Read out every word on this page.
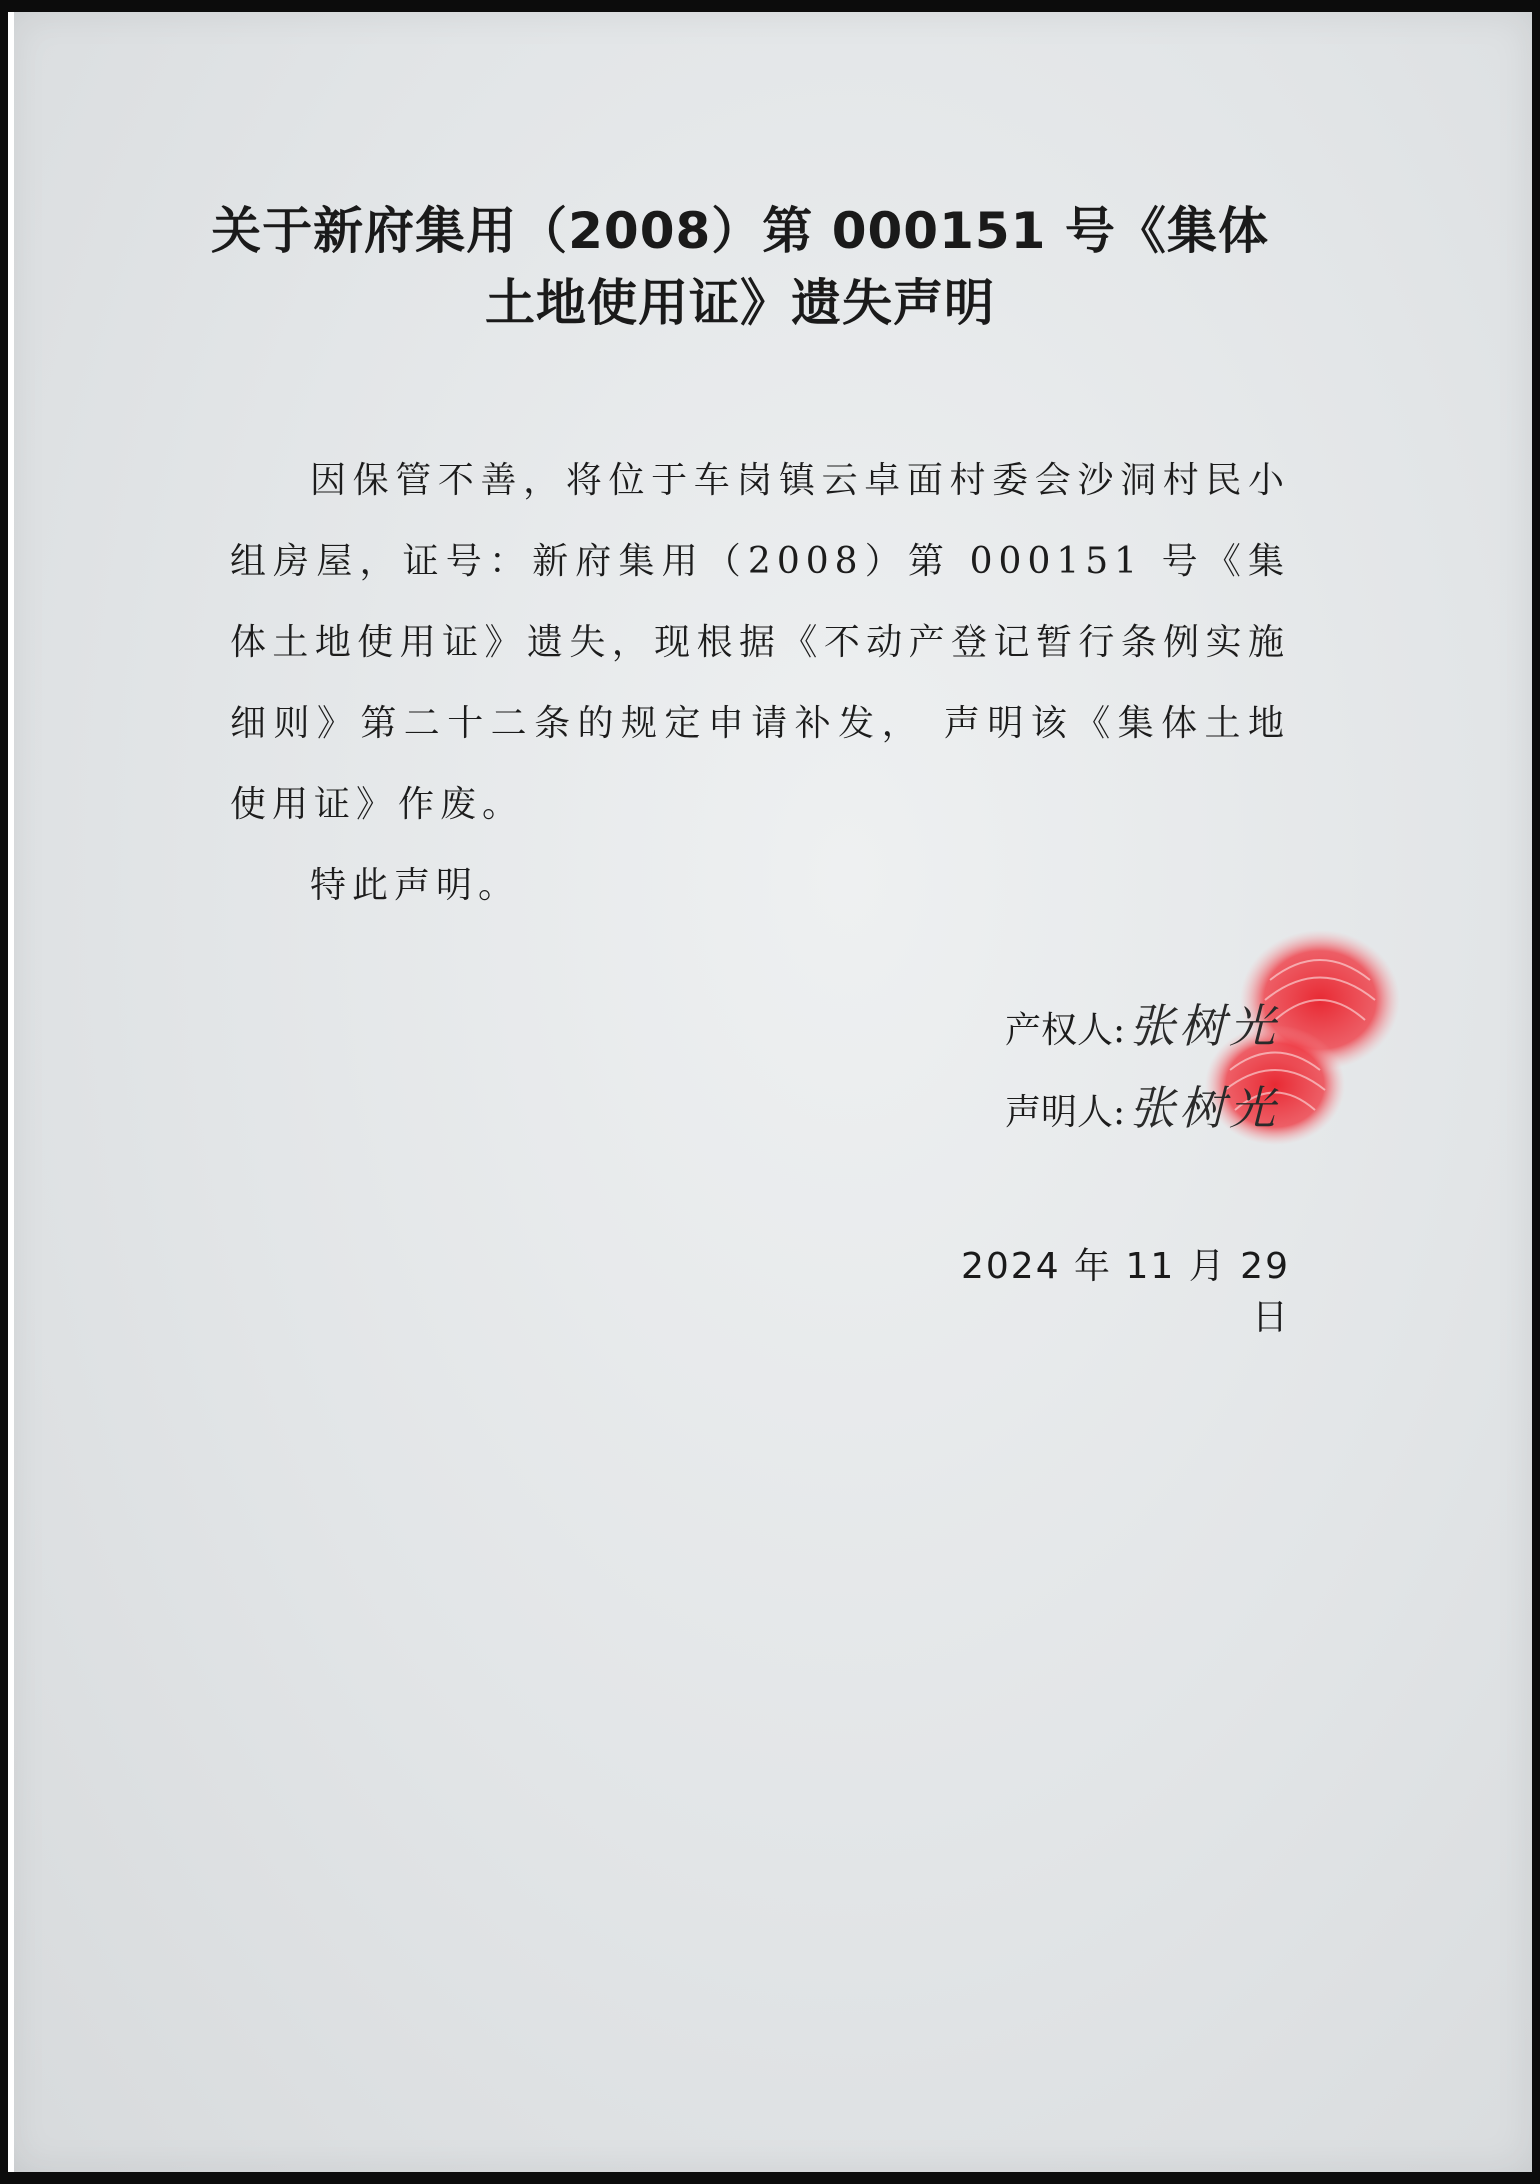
关于新府集用（2008）第 000151 号《集体
土地使用证》遗失声明

因保管不善，将位于车岗镇云卓面村委会沙洞村民小组房屋，证号：新府集用（2008）第 000151 号《集体土地使用证》遗失，现根据《不动产登记暂行条例实施细则》第二十二条的规定申请补发， 声明该《集体土地使用证》作废。

特此声明。

产权人:张树光
声明人:张树光
2024 年 11 月 29 日
